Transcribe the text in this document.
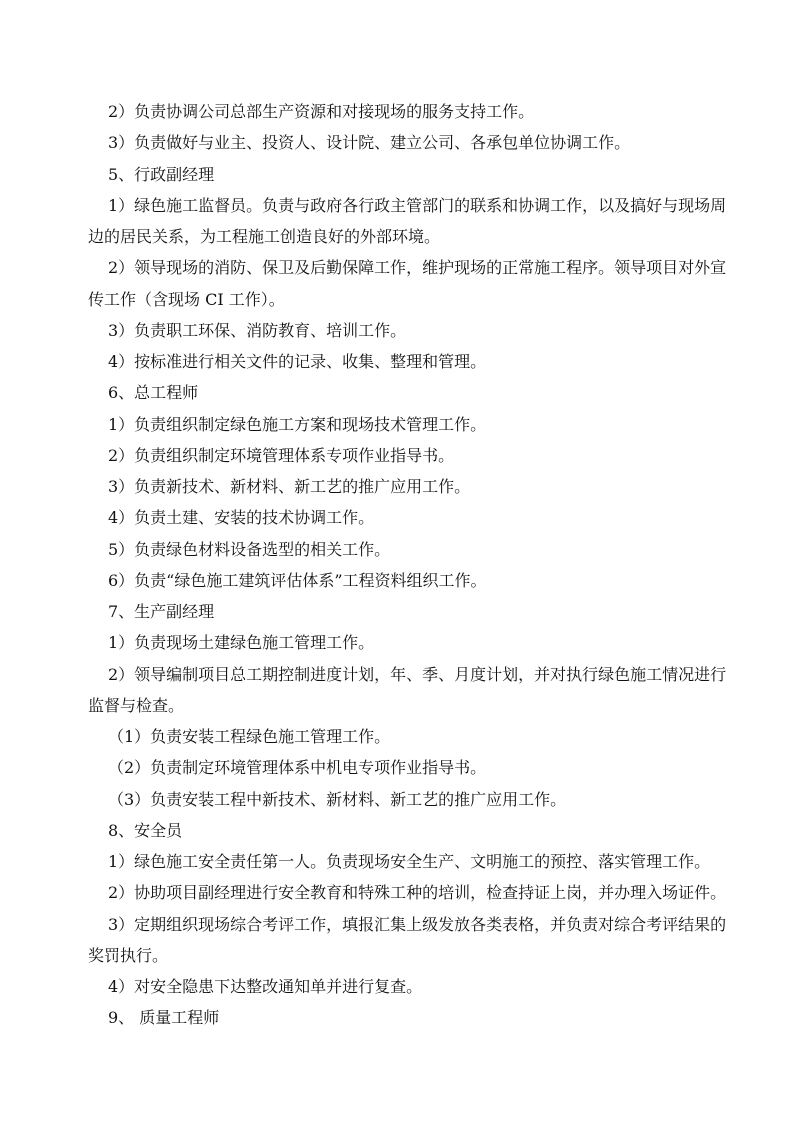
2）负责协调公司总部生产资源和对接现场的服务支持工作。
3）负责做好与业主、投资人、设计院、建立公司、各承包单位协调工作。
5、行政副经理
1）绿色施工监督员。负责与政府各行政主管部门的联系和协调工作，以及搞好与现场周
边的居民关系，为工程施工创造良好的外部环境。
2）领导现场的消防、保卫及后勤保障工作，维护现场的正常施工程序。领导项目对外宣
传工作（含现场 CI 工作）。
3）负责职工环保、消防教育、培训工作。
4）按标准进行相关文件的记录、收集、整理和管理。
6、总工程师
1）负责组织制定绿色施工方案和现场技术管理工作。
2）负责组织制定环境管理体系专项作业指导书。
3）负责新技术、新材料、新工艺的推广应用工作。
4）负责土建、安装的技术协调工作。
5）负责绿色材料设备选型的相关工作。
6）负责“绿色施工建筑评估体系”工程资料组织工作。
7、生产副经理
1）负责现场土建绿色施工管理工作。
2）领导编制项目总工期控制进度计划，年、季、月度计划，并对执行绿色施工情况进行
监督与检查。
（1）负责安装工程绿色施工管理工作。
（2）负责制定环境管理体系中机电专项作业指导书。
（3）负责安装工程中新技术、新材料、新工艺的推广应用工作。
8、安全员
1）绿色施工安全责任第一人。负责现场安全生产、文明施工的预控、落实管理工作。
2）协助项目副经理进行安全教育和特殊工种的培训，检查持证上岗，并办理入场证件。
3）定期组织现场综合考评工作，填报汇集上级发放各类表格，并负责对综合考评结果的
奖罚执行。
4）对安全隐患下达整改通知单并进行复查。
9、 质量工程师
